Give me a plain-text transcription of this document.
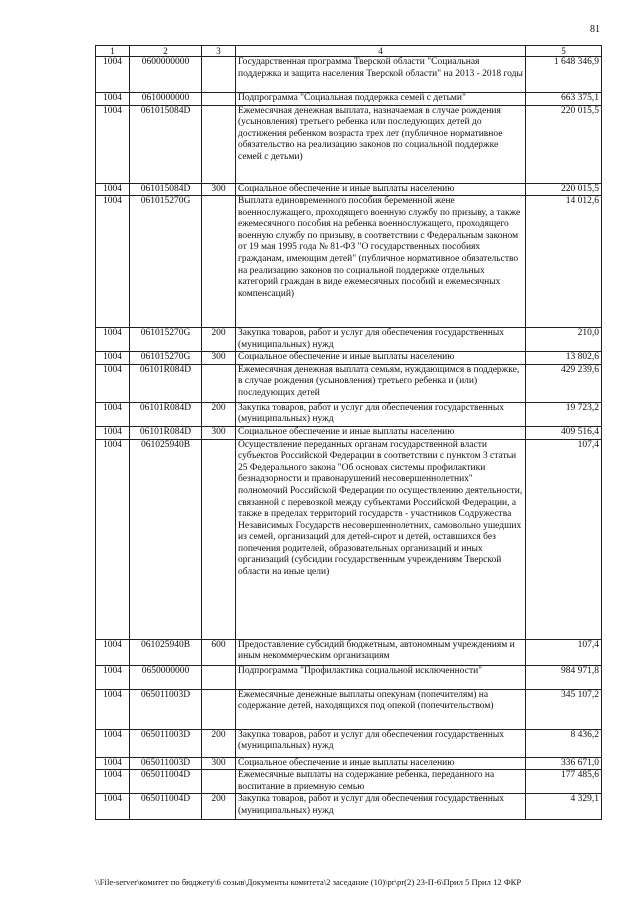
81
1	2	3	4	5
1004	0600000000		Государственная программа Тверской области "Социальная поддержка и защита населения Тверской области" на 2013 - 2018 годы	1 648 346,9
1004	0610000000		Подпрограмма "Социальная поддержка семей с детьми"	663 375,1
1004	061015084D		Ежемесячная денежная выплата, назначаемая в случае рождения (усыновления) третьего ребенка или последующих детей до достижения ребенком возраста трех лет (публичное нормативное обязательство на реализацию законов по социальной поддержке семей с детьми)	220 015,5
1004	061015084D	300	Социальное обеспечение и иные выплаты населению	220 015,5
1004	061015270G		Выплата единовременного пособия беременной жене военнослужащего, проходящего военную службу по призыву, а также ежемесячного пособия на ребенка военнослужащего, проходящего военную службу по призыву, в соответствии с Федеральным законом от 19 мая 1995 года № 81-ФЗ "О государственных пособиях гражданам, имеющим детей" (публичное нормативное обязательство на реализацию законов по социальной поддержке отдельных категорий граждан в виде ежемесячных пособий и ежемесячных компенсаций)	14 012,6
1004	061015270G	200	Закупка товаров, работ и услуг для обеспечения государственных (муниципальных) нужд	210,0
1004	061015270G	300	Социальное обеспечение и иные выплаты населению	13 802,6
1004	06101R084D		Ежемесячная денежная выплата семьям, нуждающимся в поддержке, в случае рождения (усыновления) третьего ребенка и (или) последующих детей	429 239,6
1004	06101R084D	200	Закупка товаров, работ и услуг для обеспечения государственных (муниципальных) нужд	19 723,2
1004	06101R084D	300	Социальное обеспечение и иные выплаты населению	409 516,4
1004	061025940B		Осуществление переданных органам государственной власти субъектов Российской Федерации в соответствии с пунктом 3 статьи 25 Федерального закона "Об основах системы профилактики безнадзорности и правонарушений несовершеннолетних" полномочий Российской Федерации по осуществлению деятельности, связанной с перевозкой между субъектами Российской Федерации, а также в пределах территорий государств - участников Содружества Независимых Государств несовершеннолетних, самовольно ушедших из семей, организаций для детей-сирот и детей, оставшихся без попечения родителей, образовательных организаций и иных организаций (субсидии государственным учреждениям Тверской области на иные цели)	107,4
1004	061025940B	600	Предоставление субсидий бюджетным, автономным учреждениям и иным некоммерческим организациям	107,4
1004	0650000000		Подпрограмма "Профилактика социальной исключенности"	984 971,8
1004	065011003D		Ежемесячные денежные выплаты опекунам (попечителям) на содержание детей, находящихся под опекой (попечительством)	345 107,2
1004	065011003D	200	Закупка товаров, работ и услуг для обеспечения государственных (муниципальных) нужд	8 436,2
1004	065011003D	300	Социальное обеспечение и иные выплаты населению	336 671,0
1004	065011004D		Ежемесячные выплаты на содержание ребенка, переданного на воспитание в приемную семью	177 485,6
1004	065011004D	200	Закупка товаров, работ и услуг для обеспечения государственных (муниципальных) нужд	4 329,1
\\File-server\комитет по бюджету\6 созыв\Документы комитета\2 заседание (10)\pr\pr(2) 23-П-6\Прил 5 Прил 12 ФКР
